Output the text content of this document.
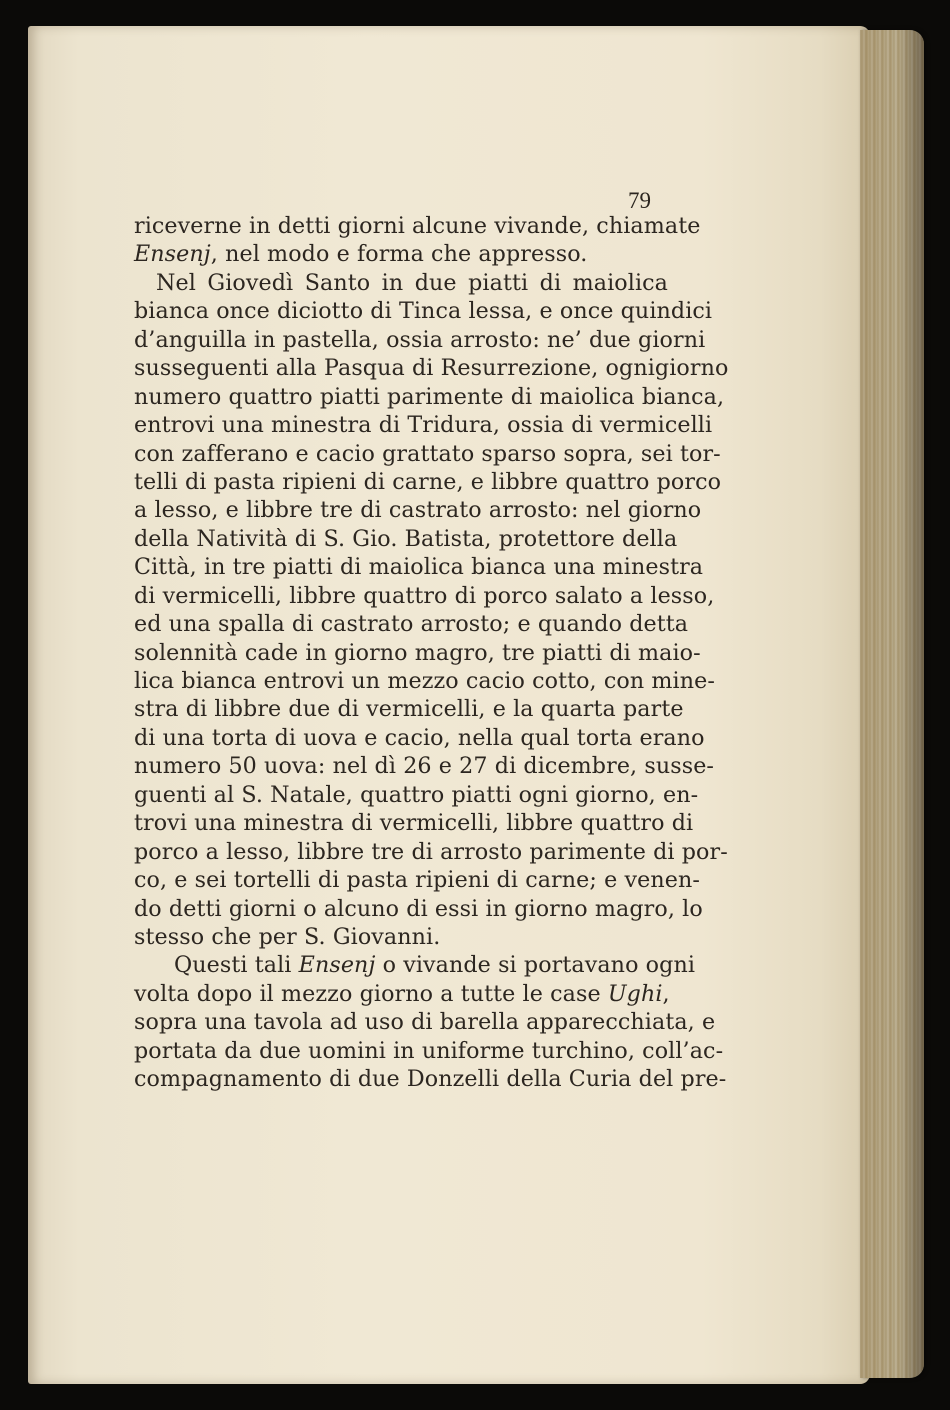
79
riceverne in detti giorni alcune vivande, chiamate
Ensenj, nel modo e forma che appresso.
Nel Giovedì Santo in due piatti di maiolica
bianca once diciotto di Tinca lessa, e once quindici
d’anguilla in pastella, ossia arrosto: ne’ due giorni
susseguenti alla Pasqua di Resurrezione, ognigiorno
numero quattro piatti parimente di maiolica bianca,
entrovi una minestra di Tridura, ossia di vermicelli
con zafferano e cacio grattato sparso sopra, sei tor-
telli di pasta ripieni di carne, e libbre quattro porco
a lesso, e libbre tre di castrato arrosto: nel giorno
della Natività di S. Gio. Batista, protettore della
Città, in tre piatti di maiolica bianca una minestra
di vermicelli, libbre quattro di porco salato a lesso,
ed una spalla di castrato arrosto; e quando detta
solennità cade in giorno magro, tre piatti di maio-
lica bianca entrovi un mezzo cacio cotto, con mine-
stra di libbre due di vermicelli, e la quarta parte
di una torta di uova e cacio, nella qual torta erano
numero 50 uova: nel dì 26 e 27 di dicembre, susse-
guenti al S. Natale, quattro piatti ogni giorno, en-
trovi una minestra di vermicelli, libbre quattro di
porco a lesso, libbre tre di arrosto parimente di por-
co, e sei tortelli di pasta ripieni di carne; e venen-
do detti giorni o alcuno di essi in giorno magro, lo
stesso che per S. Giovanni.
Questi tali Ensenj o vivande si portavano ogni
volta dopo il mezzo giorno a tutte le case Ughi,
sopra una tavola ad uso di barella apparecchiata, e
portata da due uomini in uniforme turchino, coll’ac-
compagnamento di due Donzelli della Curia del pre-
